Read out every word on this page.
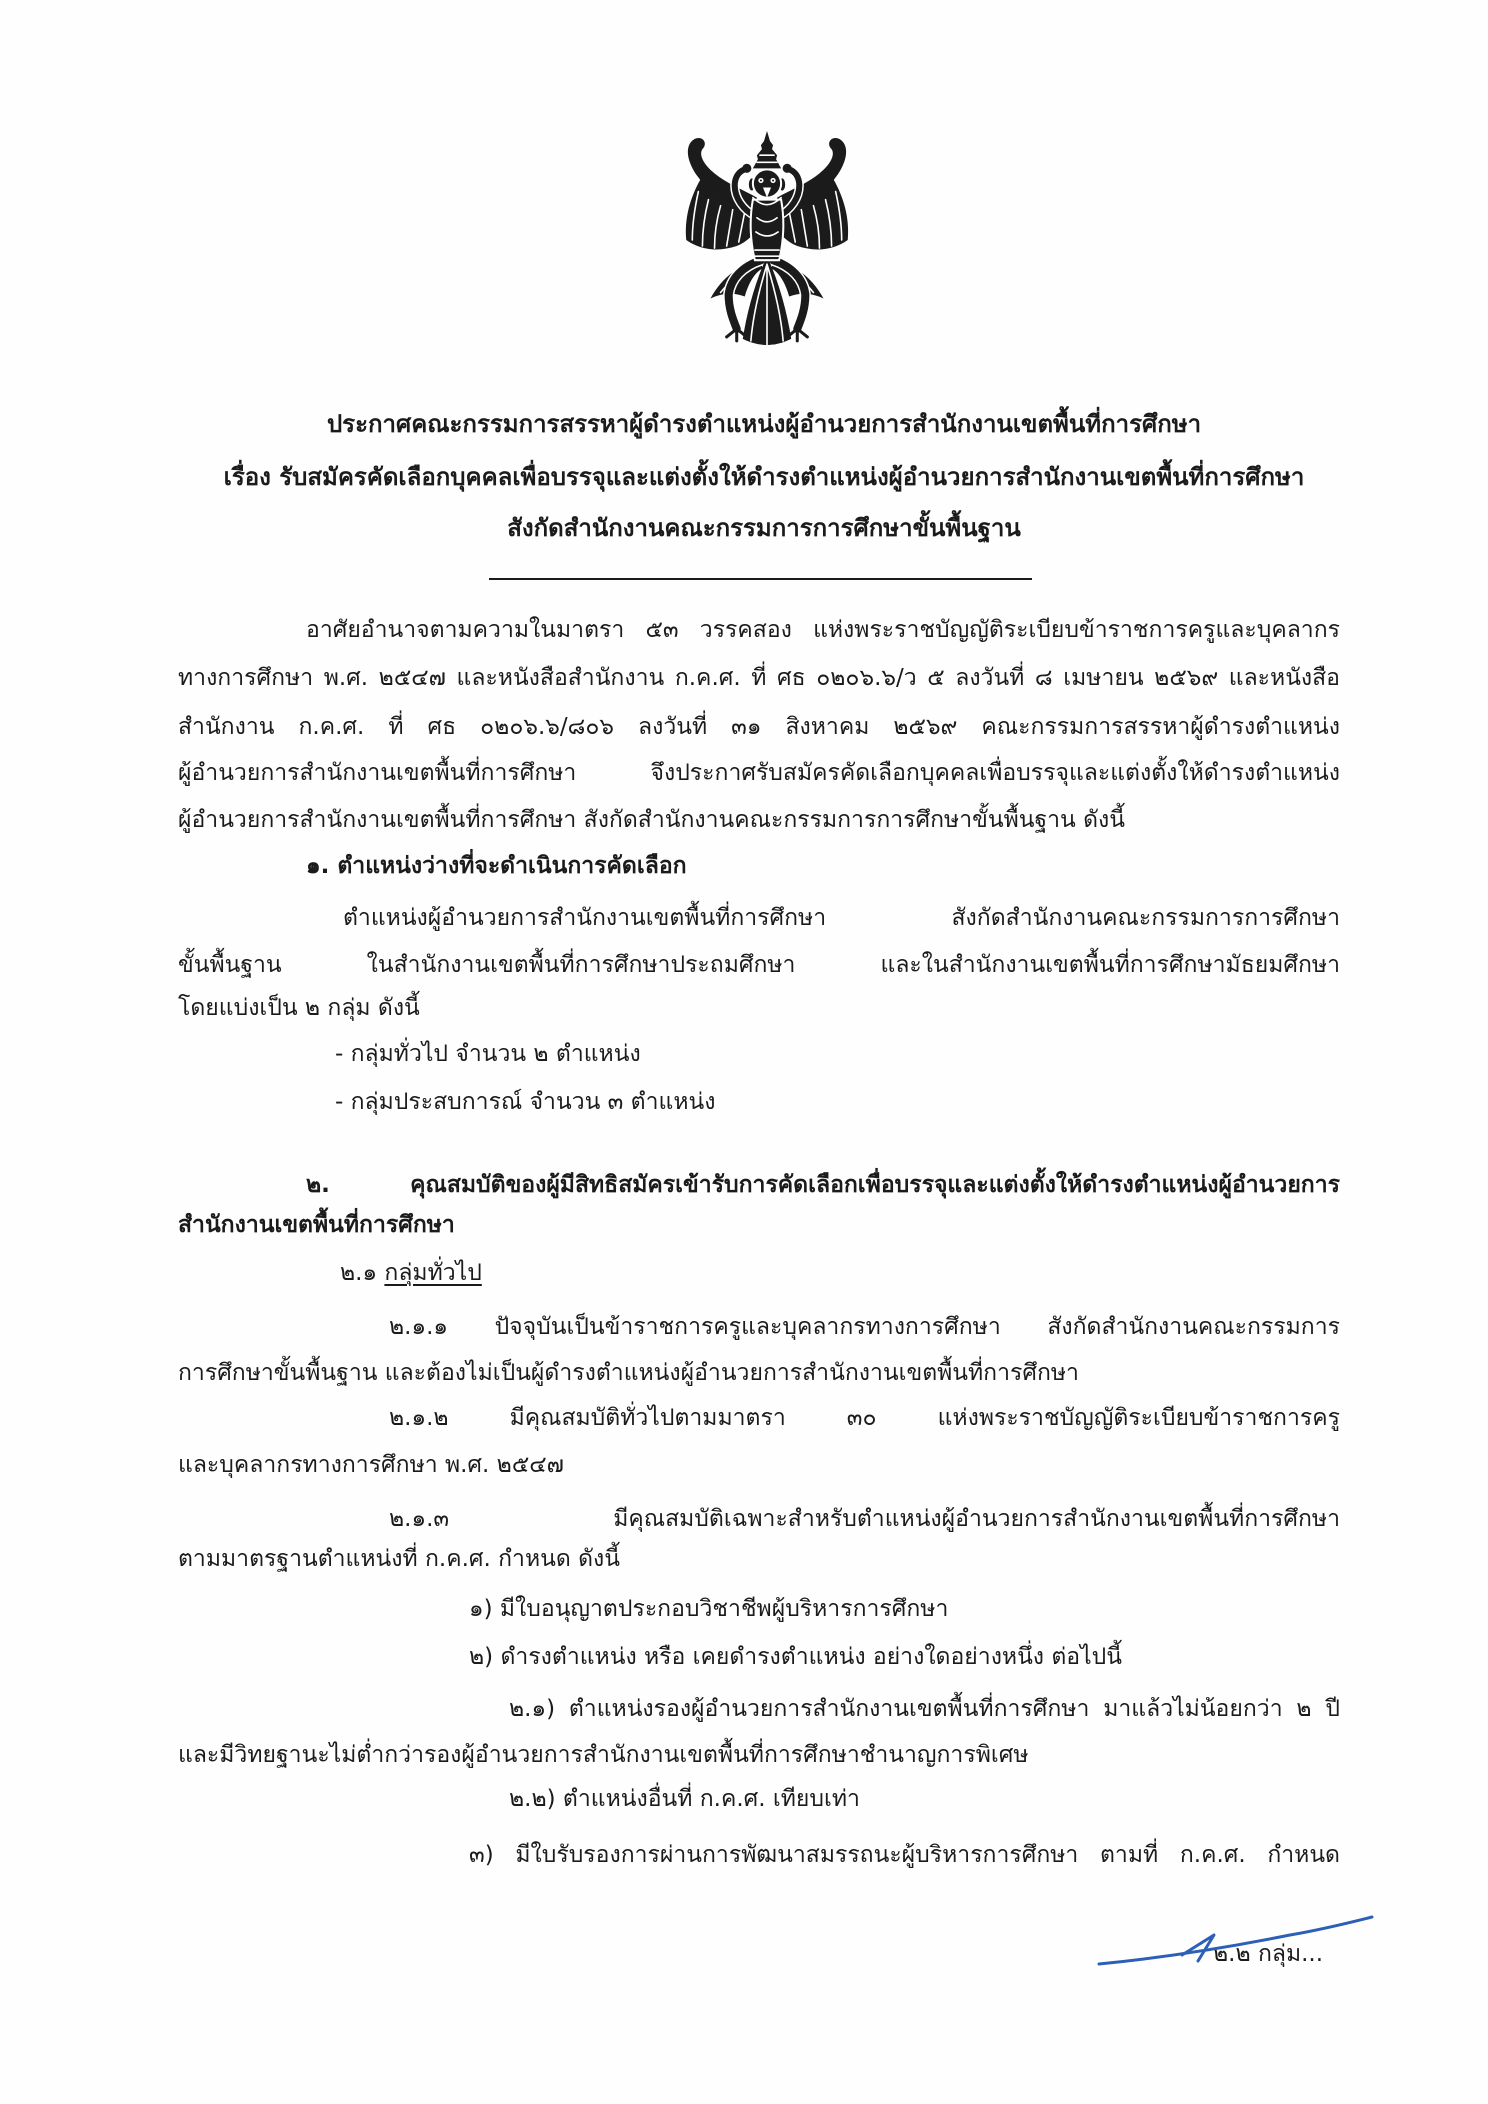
ประกาศคณะกรรมการสรรหาผู้ดำรงตำแหน่งผู้อำนวยการสำนักงานเขตพื้นที่การศึกษา
เรื่อง รับสมัครคัดเลือกบุคคลเพื่อบรรจุและแต่งตั้งให้ดำรงตำแหน่งผู้อำนวยการสำนักงานเขตพื้นที่การศึกษา
สังกัดสำนักงานคณะกรรมการการศึกษาขั้นพื้นฐาน
อาศัยอำนาจตามความในมาตรา ๕๓ วรรคสอง แห่งพระราชบัญญัติระเบียบข้าราชการครูและบุคลากร
ทางการศึกษา พ.ศ. ๒๕๔๗ และหนังสือสำนักงาน ก.ค.ศ. ที่ ศธ ๐๒๐๖.๖/ว ๕ ลงวันที่ ๘ เมษายน ๒๕๖๙ และหนังสือ
สำนักงาน ก.ค.ศ. ที่ ศธ ๐๒๐๖.๖/๘๐๖ ลงวันที่ ๓๑ สิงหาคม ๒๕๖๙ คณะกรรมการสรรหาผู้ดำรงตำแหน่ง
ผู้อำนวยการสำนักงานเขตพื้นที่การศึกษา จึงประกาศรับสมัครคัดเลือกบุคคลเพื่อบรรจุและแต่งตั้งให้ดำรงตำแหน่ง
ผู้อำนวยการสำนักงานเขตพื้นที่การศึกษา สังกัดสำนักงานคณะกรรมการการศึกษาขั้นพื้นฐาน ดังนี้
๑. ตำแหน่งว่างที่จะดำเนินการคัดเลือก
ตำแหน่งผู้อำนวยการสำนักงานเขตพื้นที่การศึกษา สังกัดสำนักงานคณะกรรมการการศึกษา
ขั้นพื้นฐาน ในสำนักงานเขตพื้นที่การศึกษาประถมศึกษา และในสำนักงานเขตพื้นที่การศึกษามัธยมศึกษา
โดยแบ่งเป็น ๒ กลุ่ม ดังนี้
- กลุ่มทั่วไป จำนวน ๒ ตำแหน่ง
- กลุ่มประสบการณ์ จำนวน ๓ ตำแหน่ง
๒. คุณสมบัติของผู้มีสิทธิสมัครเข้ารับการคัดเลือกเพื่อบรรจุและแต่งตั้งให้ดำรงตำแหน่งผู้อำนวยการ
สำนักงานเขตพื้นที่การศึกษา
๒.๑ กลุ่มทั่วไป
๒.๑.๑ ปัจจุบันเป็นข้าราชการครูและบุคลากรทางการศึกษา สังกัดสำนักงานคณะกรรมการ
การศึกษาขั้นพื้นฐาน และต้องไม่เป็นผู้ดำรงตำแหน่งผู้อำนวยการสำนักงานเขตพื้นที่การศึกษา
๒.๑.๒ มีคุณสมบัติทั่วไปตามมาตรา ๓๐ แห่งพระราชบัญญัติระเบียบข้าราชการครู
และบุคลากรทางการศึกษา พ.ศ. ๒๕๔๗
๒.๑.๓ มีคุณสมบัติเฉพาะสำหรับตำแหน่งผู้อำนวยการสำนักงานเขตพื้นที่การศึกษา
ตามมาตรฐานตำแหน่งที่ ก.ค.ศ. กำหนด ดังนี้
๑) มีใบอนุญาตประกอบวิชาชีพผู้บริหารการศึกษา
๒) ดำรงตำแหน่ง หรือ เคยดำรงตำแหน่ง อย่างใดอย่างหนึ่ง ต่อไปนี้
๒.๑) ตำแหน่งรองผู้อำนวยการสำนักงานเขตพื้นที่การศึกษา มาแล้วไม่น้อยกว่า ๒ ปี
และมีวิทยฐานะไม่ต่ำกว่ารองผู้อำนวยการสำนักงานเขตพื้นที่การศึกษาชำนาญการพิเศษ
๒.๒) ตำแหน่งอื่นที่ ก.ค.ศ. เทียบเท่า
๓) มีใบรับรองการผ่านการพัฒนาสมรรถนะผู้บริหารการศึกษา ตามที่ ก.ค.ศ. กำหนด
๒.๒ กลุ่ม...
